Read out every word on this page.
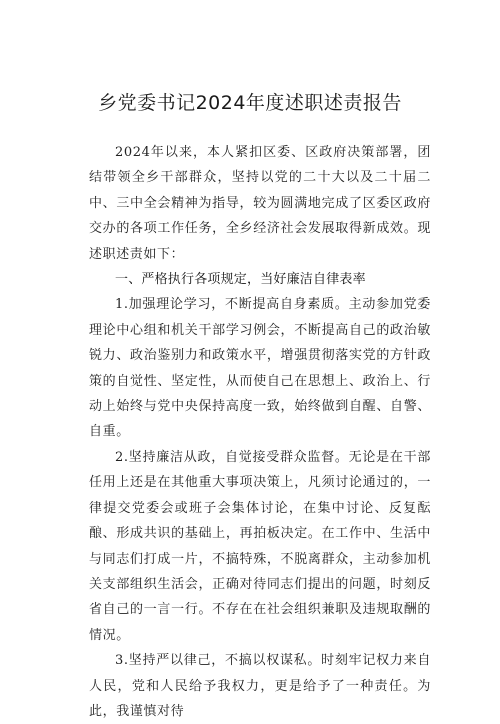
乡党委书记2024年度述职述责报告

2024年以来，本人紧扣区委、区政府决策部署，团结带领全乡干部群众，坚持以党的二十大以及二十届二中、三中全会精神为指导，较为圆满地完成了区委区政府交办的各项工作任务，全乡经济社会发展取得新成效。现述职述责如下：

一、严格执行各项规定，当好廉洁自律表率

1.加强理论学习，不断提高自身素质。主动参加党委理论中心组和机关干部学习例会，不断提高自己的政治敏锐力、政治鉴别力和政策水平，增强贯彻落实党的方针政策的自觉性、坚定性，从而使自己在思想上、政治上、行动上始终与党中央保持高度一致，始终做到自醒、自警、自重。

2.坚持廉洁从政，自觉接受群众监督。无论是在干部任用上还是在其他重大事项决策上，凡须讨论通过的，一律提交党委会或班子会集体讨论，在集中讨论、反复酝酿、形成共识的基础上，再拍板决定。在工作中、生活中与同志们打成一片，不搞特殊，不脱离群众，主动参加机关支部组织生活会，正确对待同志们提出的问题，时刻反省自己的一言一行。不存在在社会组织兼职及违规取酬的情况。

3.坚持严以律己，不搞以权谋私。时刻牢记权力来自人民，党和人民给予我权力，更是给予了一种责任。为此，我谨慎对待
